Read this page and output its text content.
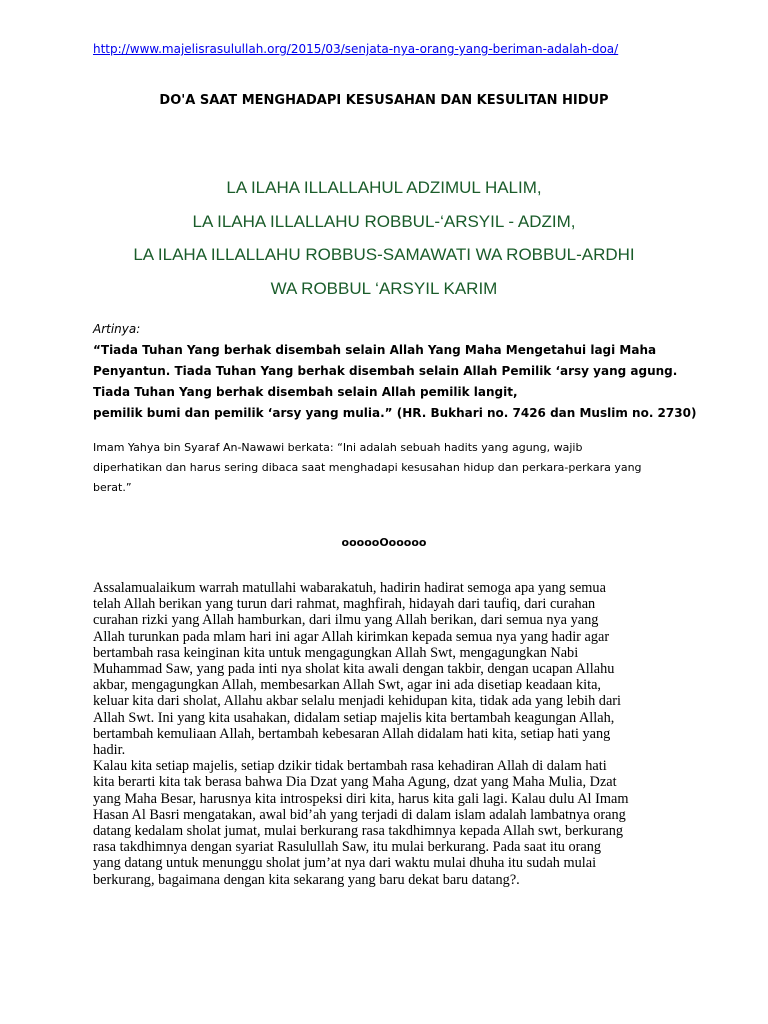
http://www.majelisrasulullah.org/2015/03/senjata-nya-orang-yang-beriman-adalah-doa/
DO'A SAAT MENGHADAPI KESUSAHAN DAN KESULITAN HIDUP
LA ILAHA ILLALLAHUL ADZIMUL HALIM,
LA ILAHA ILLALLAHU ROBBUL-‘ARSYIL - ADZIM,
LA ILAHA ILLALLAHU ROBBUS-SAMAWATI WA ROBBUL-ARDHI
WA ROBBUL ‘ARSYIL KARIM
Artinya:
“Tiada Tuhan Yang berhak disembah selain Allah Yang Maha Mengetahui lagi Maha
Penyantun. Tiada Tuhan Yang berhak disembah selain Allah Pemilik ‘arsy yang agung.
Tiada Tuhan Yang berhak disembah selain Allah pemilik langit,
pemilik bumi dan pemilik ‘arsy yang mulia.” (HR. Bukhari no. 7426 dan Muslim no. 2730)
Imam Yahya bin Syaraf An-Nawawi berkata: “Ini adalah sebuah hadits yang agung, wajib
diperhatikan dan harus sering dibaca saat menghadapi kesusahan hidup dan perkara-perkara yang
berat.”
oooooOooooo
Assalamualaikum warrah matullahi wabarakatuh, hadirin hadirat semoga apa yang semua
telah Allah berikan yang turun dari rahmat, maghfirah, hidayah dari taufiq, dari curahan
curahan rizki yang Allah hamburkan, dari ilmu yang Allah berikan, dari semua nya yang
Allah turunkan pada mlam hari ini agar Allah kirimkan kepada semua nya yang hadir agar
bertambah rasa keinginan kita untuk mengagungkan Allah Swt, mengagungkan Nabi
Muhammad Saw, yang pada inti nya sholat kita awali dengan takbir, dengan ucapan Allahu
akbar, mengagungkan Allah, membesarkan Allah Swt, agar ini ada disetiap keadaan kita,
keluar kita dari sholat, Allahu akbar selalu menjadi kehidupan kita, tidak ada yang lebih dari
Allah Swt. Ini yang kita usahakan, didalam setiap majelis kita bertambah keagungan Allah,
bertambah kemuliaan Allah, bertambah kebesaran Allah didalam hati kita, setiap hati yang
hadir.
Kalau kita setiap majelis, setiap dzikir tidak bertambah rasa kehadiran Allah di dalam hati
kita berarti kita tak berasa bahwa Dia Dzat yang Maha Agung, dzat yang Maha Mulia, Dzat
yang Maha Besar, harusnya kita introspeksi diri kita, harus kita gali lagi. Kalau dulu Al Imam
Hasan Al Basri mengatakan, awal bid’ah yang terjadi di dalam islam adalah lambatnya orang
datang kedalam sholat jumat, mulai berkurang rasa takdhimnya kepada Allah swt, berkurang
rasa takdhimnya dengan syariat Rasulullah Saw, itu mulai berkurang. Pada saat itu orang
yang datang untuk menunggu sholat jum’at nya dari waktu mulai dhuha itu sudah mulai
berkurang, bagaimana dengan kita sekarang yang baru dekat baru datang?.
